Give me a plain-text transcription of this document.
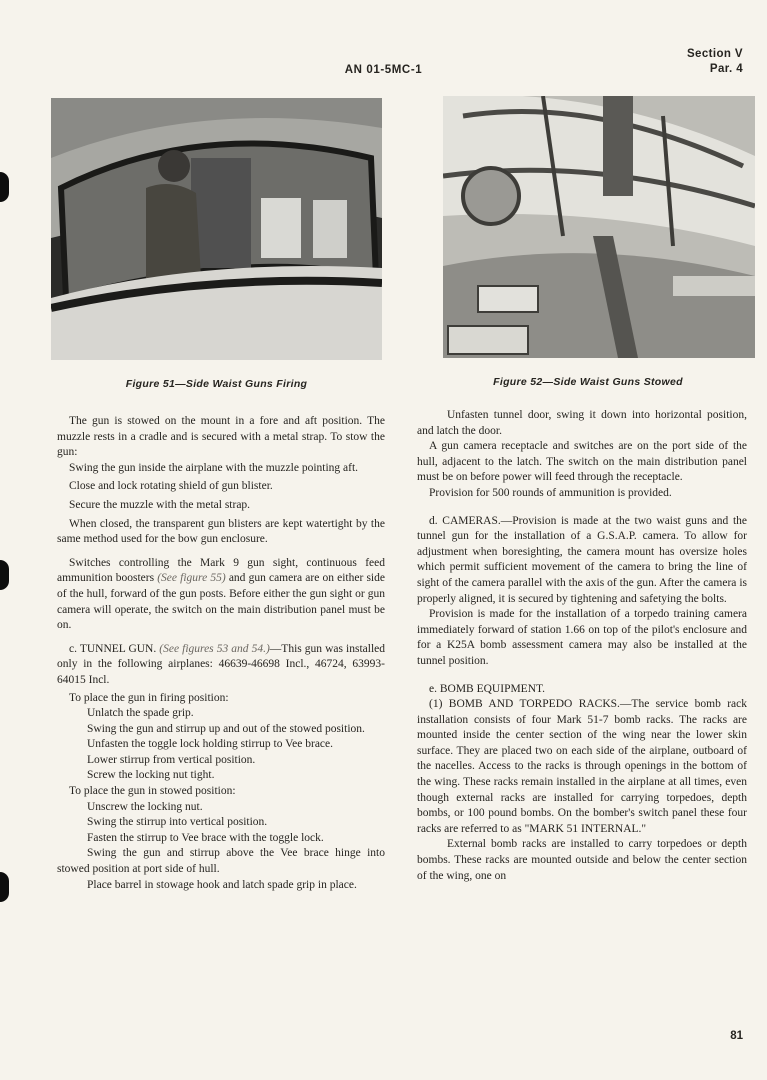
AN 01-5MC-1
Section V
Par. 4
Figure 51—Side Waist Guns Firing	Figure 52—Side Waist Guns Stowed

The gun is stowed on the mount in a fore and aft position. The muzzle rests in a cradle and is secured with a metal strap. To stow the gun:

Swing the gun inside the airplane with the muzzle pointing aft.

Close and lock rotating shield of gun blister.

Secure the muzzle with the metal strap.

When closed, the transparent gun blisters are kept watertight by the same method used for the bow gun enclosure.

Switches controlling the Mark 9 gun sight, continuous feed ammunition boosters (See figure 55) and gun camera are on either side of the hull, forward of the gun posts. Before either the gun sight or gun camera will operate, the switch on the main distribution panel must be on.

c. TUNNEL GUN. (See figures 53 and 54.)—This gun was installed only in the following airplanes: 46639-46698 Incl., 46724, 63993-64015 Incl.

To place the gun in firing position:

Unlatch the spade grip.

Swing the gun and stirrup up and out of the stowed position.

Unfasten the toggle lock holding stirrup to Vee brace.

Lower stirrup from vertical position.

Screw the locking nut tight.

To place the gun in stowed position:

Unscrew the locking nut.

Swing the stirrup into vertical position.

Fasten the stirrup to Vee brace with the toggle lock.

Swing the gun and stirrup above the Vee brace hinge into stowed position at port side of hull.

Place barrel in stowage hook and latch spade grip in place.

Unfasten tunnel door, swing it down into horizontal position, and latch the door.

A gun camera receptacle and switches are on the port side of the hull, adjacent to the latch. The switch on the main distribution panel must be on before power will feed through the receptacle.

Provision for 500 rounds of ammunition is provided.

d. CAMERAS.—Provision is made at the two waist guns and the tunnel gun for the installation of a G.S.A.P. camera. To allow for adjustment when boresighting, the camera mount has oversize holes which permit sufficient movement of the camera to bring the line of sight of the camera parallel with the axis of the gun. After the camera is properly aligned, it is secured by tightening and safetying the bolts.

Provision is made for the installation of a torpedo training camera immediately forward of station 1.66 on top of the pilot's enclosure and for a K25A bomb assessment camera may also be installed at the tunnel position.

e. BOMB EQUIPMENT.

(1) BOMB AND TORPEDO RACKS.—The service bomb rack installation consists of four Mark 51-7 bomb racks. The racks are mounted inside the center section of the wing near the lower skin surface. They are placed two on each side of the airplane, outboard of the nacelles. Access to the racks is through openings in the bottom of the wing. These racks remain installed in the airplane at all times, even though external racks are installed for carrying torpedoes, depth bombs, or 100 pound bombs. On the bomber's switch panel these four racks are referred to as "MARK 51 INTERNAL."

External bomb racks are installed to carry torpedoes or depth bombs. These racks are mounted outside and below the center section of the wing, one on

81
